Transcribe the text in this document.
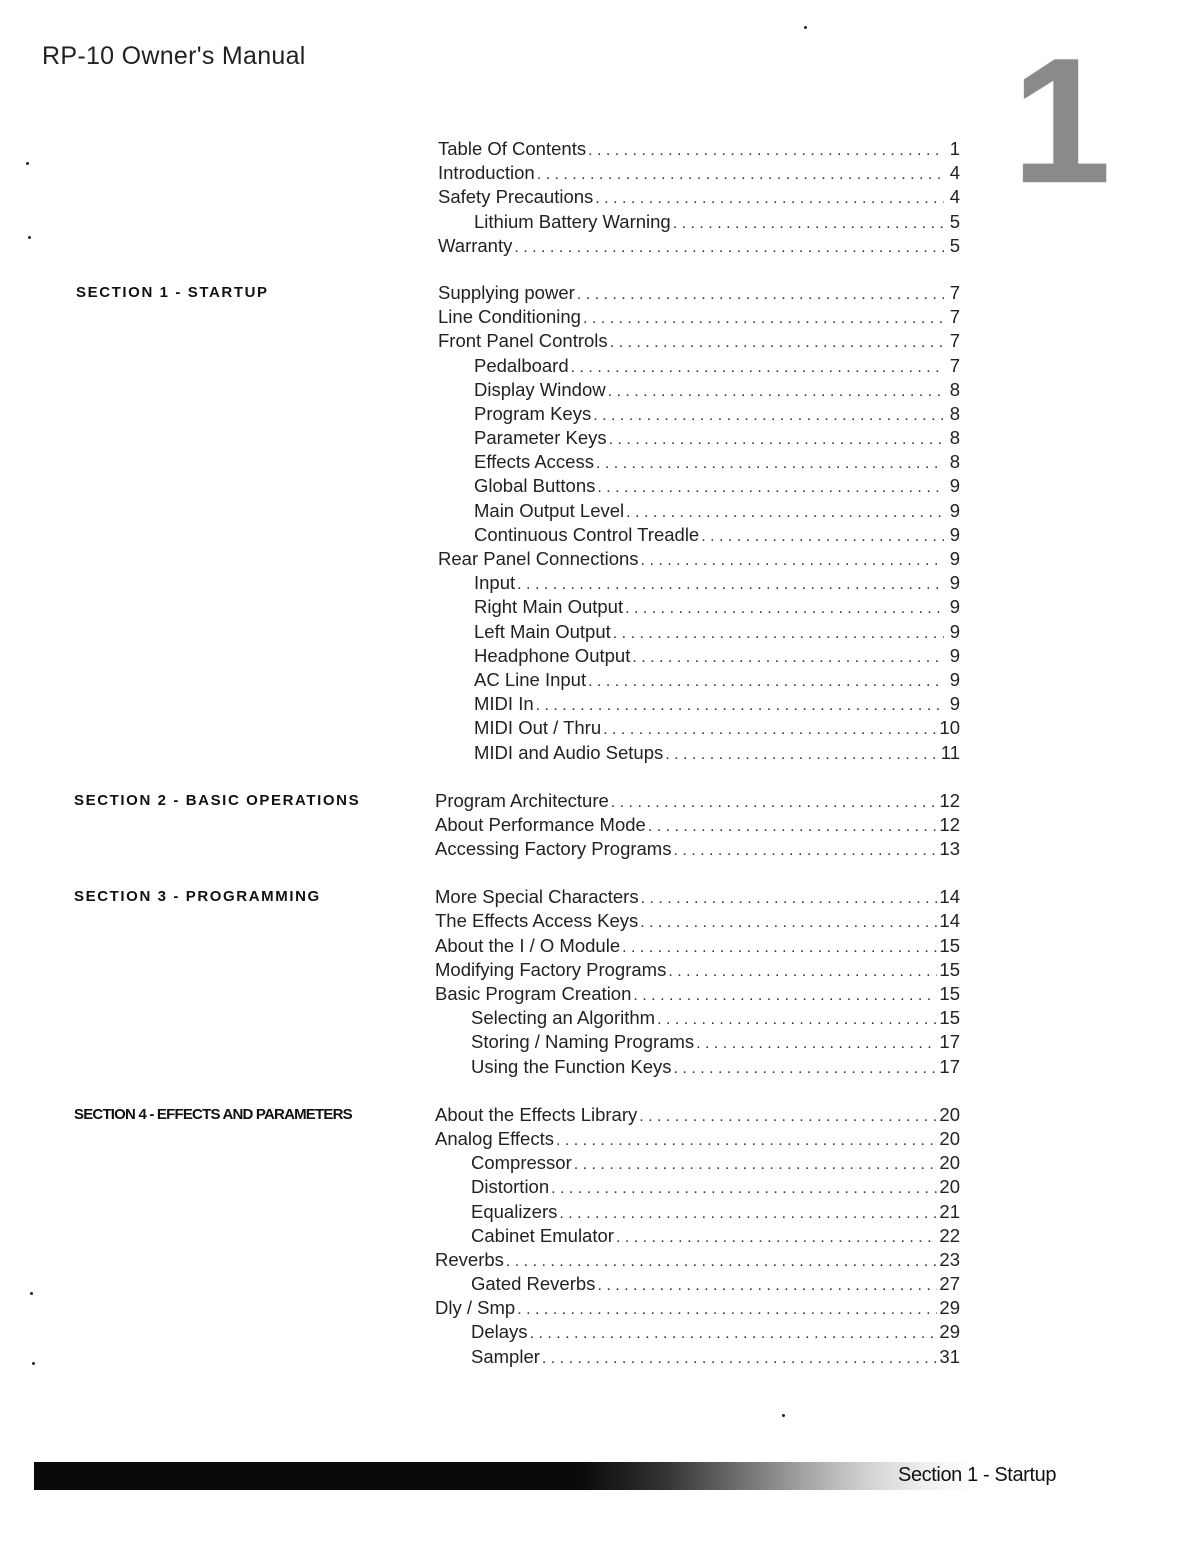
RP-10 Owner's Manual	1
Table Of Contents . . .	1
Introduction . . .	4
Safety Precautions . . .	4
Lithium Battery Warning . . .	5
Warranty . . .	5
SECTION 1 - STARTUP	Supplying power . . .	7
Line Conditioning . . .	7
Front Panel Controls . . .	7
Pedalboard . . .	7
Display Window . . .	8
Program Keys . . .	8
Parameter Keys . . .	8
Effects Access . . .	8
Global Buttons . . .	9
Main Output Level . . .	9
Continuous Control Treadle . . .	9
Rear Panel Connections . . .	9
Input . . .	9
Right Main Output . . .	9
Left Main Output . . .	9
Headphone Output . . .	9
AC Line Input . . .	9
MIDI In . . .	9
MIDI Out / Thru . . .	10
MIDI and Audio Setups . . .	11
SECTION 2 - BASIC OPERATIONS	Program Architecture . . .	12
About Performance Mode . . .	12
Accessing Factory Programs . . .	13
SECTION 3 - PROGRAMMING	More Special Characters . . .	14
The Effects Access Keys . . .	14
About the I / O Module . . .	15
Modifying Factory Programs . . .	15
Basic Program Creation . . .	15
Selecting an Algorithm . . .	15
Storing / Naming Programs . . .	17
Using the Function Keys . . .	17
SECTION 4 - EFFECTS AND PARAMETERS	About the Effects Library . . .	20
Analog Effects . . .	20
Compressor . . .	20
Distortion . . .	20
Equalizers . . .	21
Cabinet Emulator . . .	22
Reverbs . . .	23
Gated Reverbs . . .	27
Dly / Smp . . .	29
Delays . . .	29
Sampler . . .	31
Section 1 - Startup
